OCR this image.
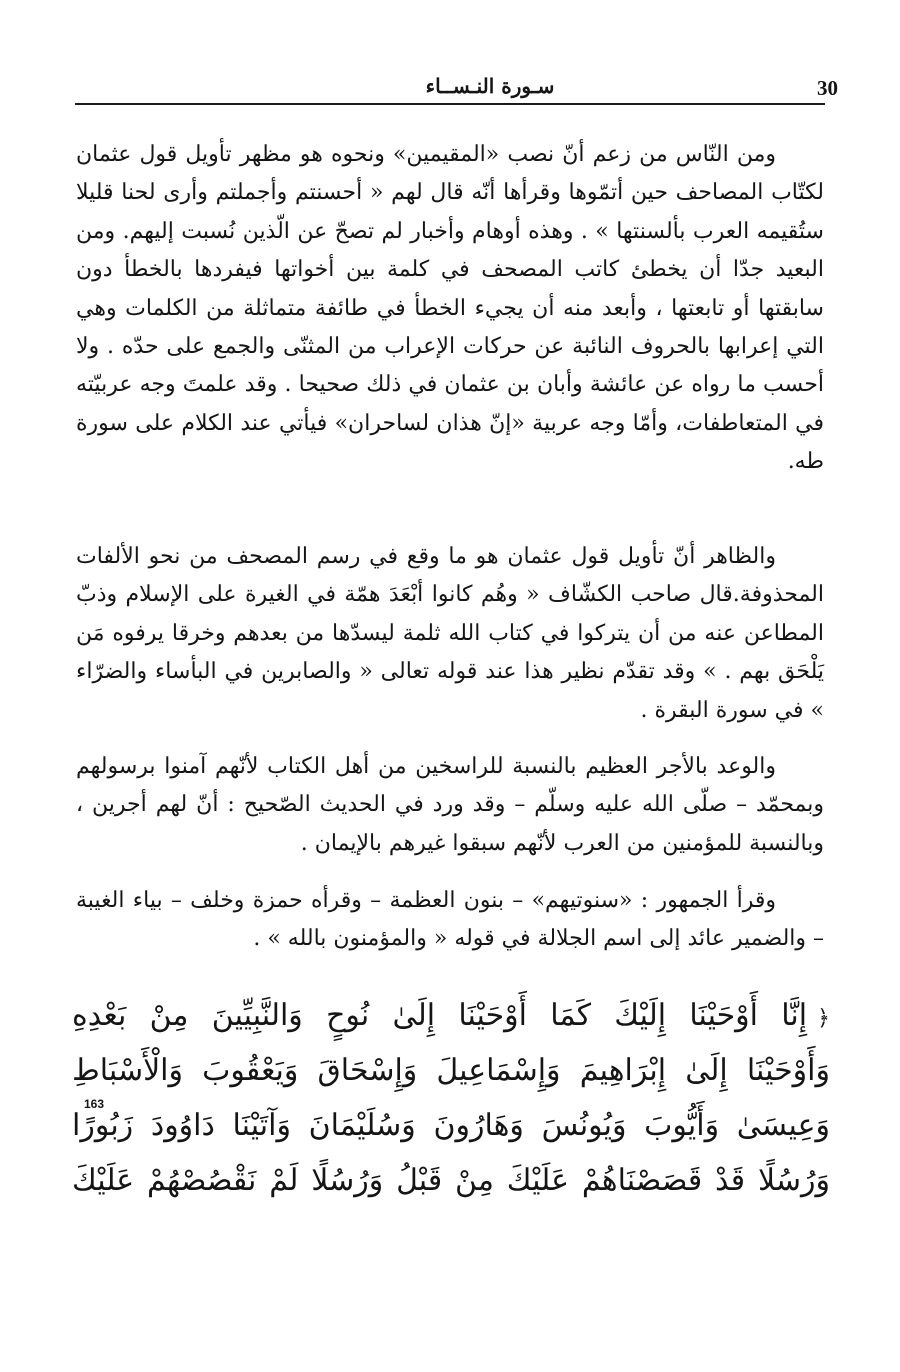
30
سـورة النـســاء

ومن النّاس من زعم أنّ نصب «المقيمين» ونحوه هو مظهر تأويل قول عثمان لكتّاب المصاحف حين أتمّوها وقرأها أنّه قال لهم « أحسنتم وأجملتم وأرى لحنا قليلا ستُقيمه العرب بألسنتها » . وهذه أوهام وأخبار لم تصحّ عن الّذين نُسبت إليهم. ومن البعيد جدّا أن يخطئ كاتب المصحف في كلمة بين أخواتها فيفردها بالخطأ دون سابقتها أو تابعتها ، وأبعد منه أن يجيء الخطأ في طائفة متماثلة من الكلمات وهي التي إعرابها بالحروف النائبة عن حركات الإعراب من المثنّى والجمع على حدّه . ولا أحسب ما رواه عن عائشة وأبان بن عثمان في ذلك صحيحا . وقد علمتَ وجه عربيّته في المتعاطفات، وأمّا وجه عربية «إنّ هذان لساحران» فيأتي عند الكلام على سورة طه.

والظاهر أنّ تأويل قول عثمان هو ما وقع في رسم المصحف من نحو الألفات المحذوفة.قال صاحب الكشّاف « وهُم كانوا أبْعَدَ همّة في الغيرة على الإسلام وذبّ المطاعن عنه من أن يتركوا في كتاب الله ثلمة ليسدّها من بعدهم وخرقا يرفوه مَن يَلْحَق بهم . » وقد تقدّم نظير هذا عند قوله تعالى « والصابرين في البأساء والضرّاء » في سورة البقرة .

والوعد بالأجر العظيم بالنسبة للراسخين من أهل الكتاب لأنّهم آمنوا برسولهم وبمحمّد – صلّى الله عليه وسلّم – وقد ورد في الحديث الصّحيح : أنّ لهم أجرين ، وبالنسبة للمؤمنين من العرب لأنّهم سبقوا غيرهم بالإيمان .

وقرأ الجمهور : «سنوتيهم» – بنون العظمة – وقرأه حمزة وخلف – بياء الغيبة – والضمير عائد إلى اسم الجلالة في قوله « والمؤمنون بالله » .

﴿إِنَّا أَوْحَيْنَا إِلَيْكَ كَمَا أَوْحَيْنَا إِلَىٰ نُوحٍ وَالنَّبِيِّينَ مِنْ بَعْدِهِ
وَأَوْحَيْنَا إِلَىٰ إِبْرَاهِيمَ وَإِسْمَاعِيلَ وَإِسْحَاقَ وَيَعْقُوبَ وَالْأَسْبَاطِ
وَعِيسَىٰ وَأَيُّوبَ وَيُونُسَ وَهَارُونَ وَسُلَيْمَانَ وَآتَيْنَا دَاوُودَ زَبُورًا
وَرُسُلًا قَدْ قَصَصْنَاهُمْ عَلَيْكَ مِنْ قَبْلُ وَرُسُلًا لَمْ نَقْصُصْهُمْ عَلَيْكَ
163
